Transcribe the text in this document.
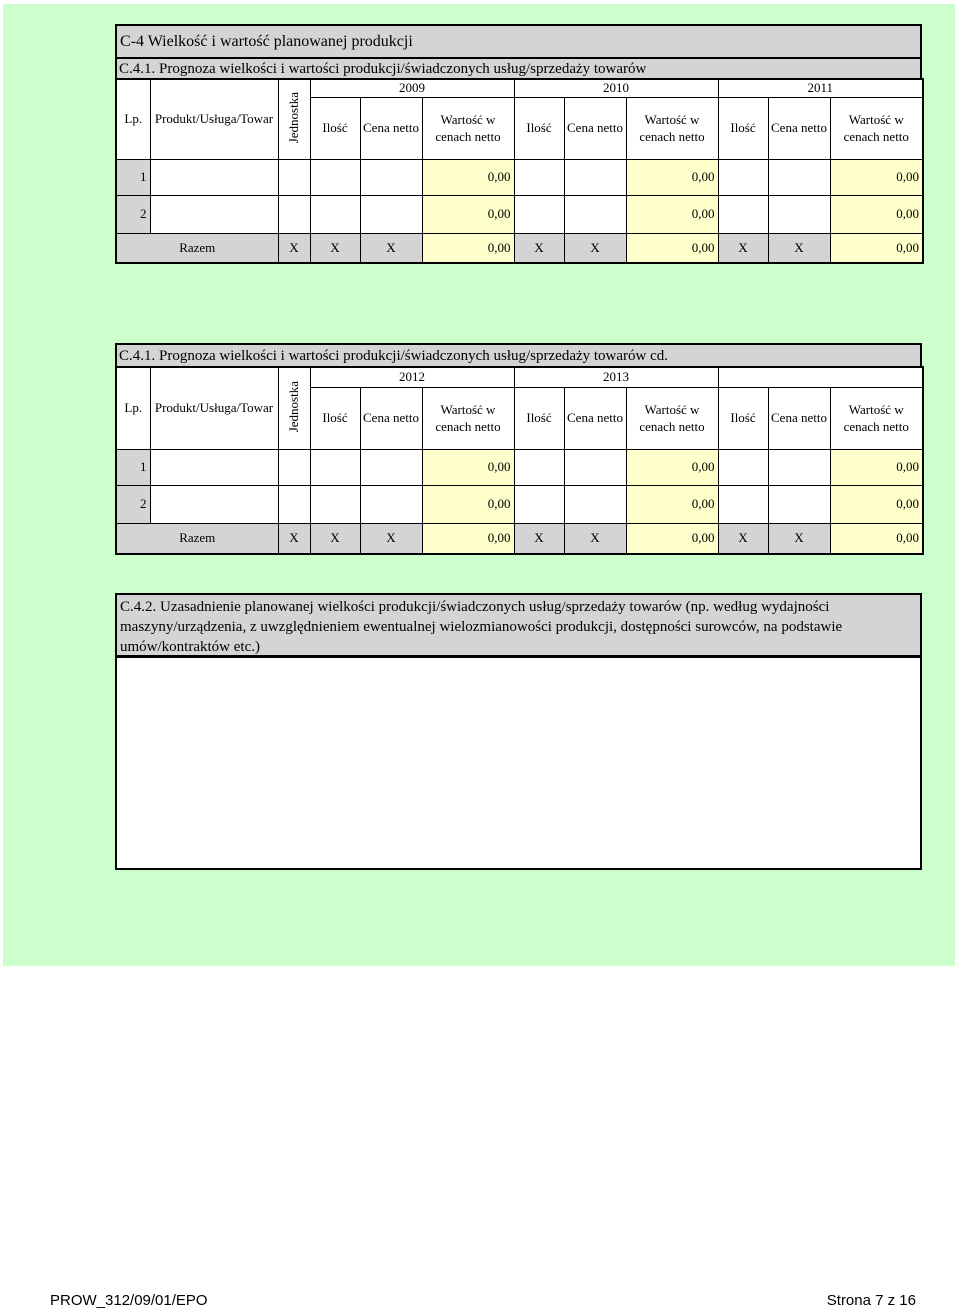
C-4 Wielkość i wartość planowanej produkcji
C.4.1. Prognoza wielkości i wartości produkcji/świadczonych usług/sprzedaży towarów
Lp.	Produkt/Usługa/Towar	Jednostka	2009			2010			2011		
			Ilość	Cena netto	Wartość w cenach netto	Ilość	Cena netto	Wartość w cenach netto	Ilość	Cena netto	Wartość w cenach netto
1					0,00			0,00			0,00
2					0,00			0,00			0,00
Razem		X	X	X	0,00	X	X	0,00	X	X	0,00
C.4.1. Prognoza wielkości i wartości produkcji/świadczonych usług/sprzedaży towarów cd.
Lp.	Produkt/Usługa/Towar	Jednostka	2012			2013					
			Ilość	Cena netto	Wartość w cenach netto	Ilość	Cena netto	Wartość w cenach netto	Ilość	Cena netto	Wartość w cenach netto
1					0,00			0,00			0,00
2					0,00			0,00			0,00
Razem		X	X	X	0,00	X	X	0,00	X	X	0,00
C.4.2. Uzasadnienie planowanej wielkości produkcji/świadczonych usług/sprzedaży towarów (np. według wydajności maszyny/urządzenia, z uwzględnieniem ewentualnej wielozmianowości produkcji, dostępności surowców, na podstawie umów/kontraktów etc.)
PROW_312/09/01/EPO	Strona 7 z 16
